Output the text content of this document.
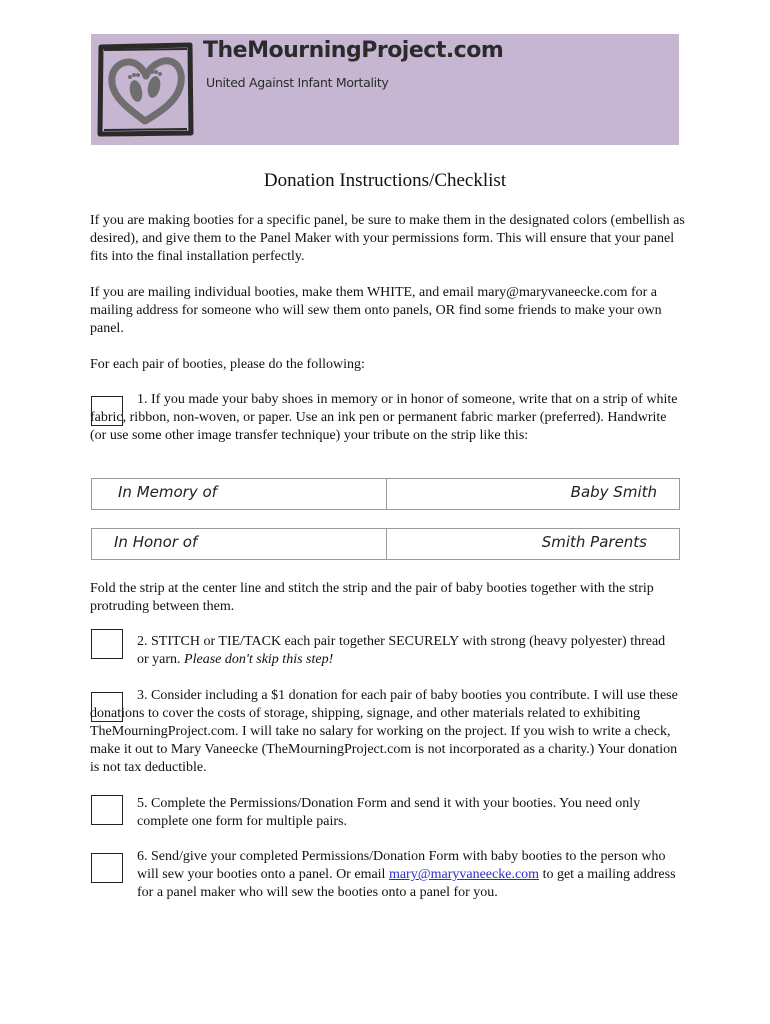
TheMourningProject.com
United Against Infant Mortality
Donation Instructions/Checklist
If you are making booties for a specific panel, be sure to make them in the designated colors (embellish as desired), and give them to the Panel Maker with your permissions form. This will ensure that your panel fits into the final installation perfectly.
If you are mailing individual booties, make them WHITE, and email mary@maryvaneecke.com for a mailing address for someone who will sew them onto panels, OR find some friends to make your own panel.
For each pair of booties, please do the following:
1. If you made your baby shoes in memory or in honor of someone, write that on a strip of white fabric, ribbon, non-woven, or paper. Use an ink pen or permanent fabric marker (preferred). Handwrite (or use some other image transfer technique) your tribute on the strip like this:
In Memory of	Baby Smith
In Honor of	Smith Parents
Fold the strip at the center line and stitch the strip and the pair of baby booties together with the strip protruding between them.
2. STITCH or TIE/TACK each pair together SECURELY with strong (heavy polyester) thread or yarn. Please don't skip this step!
3. Consider including a $1 donation for each pair of baby booties you contribute. I will use these donations to cover the costs of storage, shipping, signage, and other materials related to exhibiting TheMourningProject.com. I will take no salary for working on the project. If you wish to write a check, make it out to Mary Vaneecke (TheMourningProject.com is not incorporated as a charity.) Your donation is not tax deductible.
5. Complete the Permissions/Donation Form and send it with your booties. You need only complete one form for multiple pairs.
6. Send/give your completed Permissions/Donation Form with baby booties to the person who will sew your booties onto a panel. Or email mary@maryvaneecke.com to get a mailing address for a panel maker who will sew the booties onto a panel for you.
